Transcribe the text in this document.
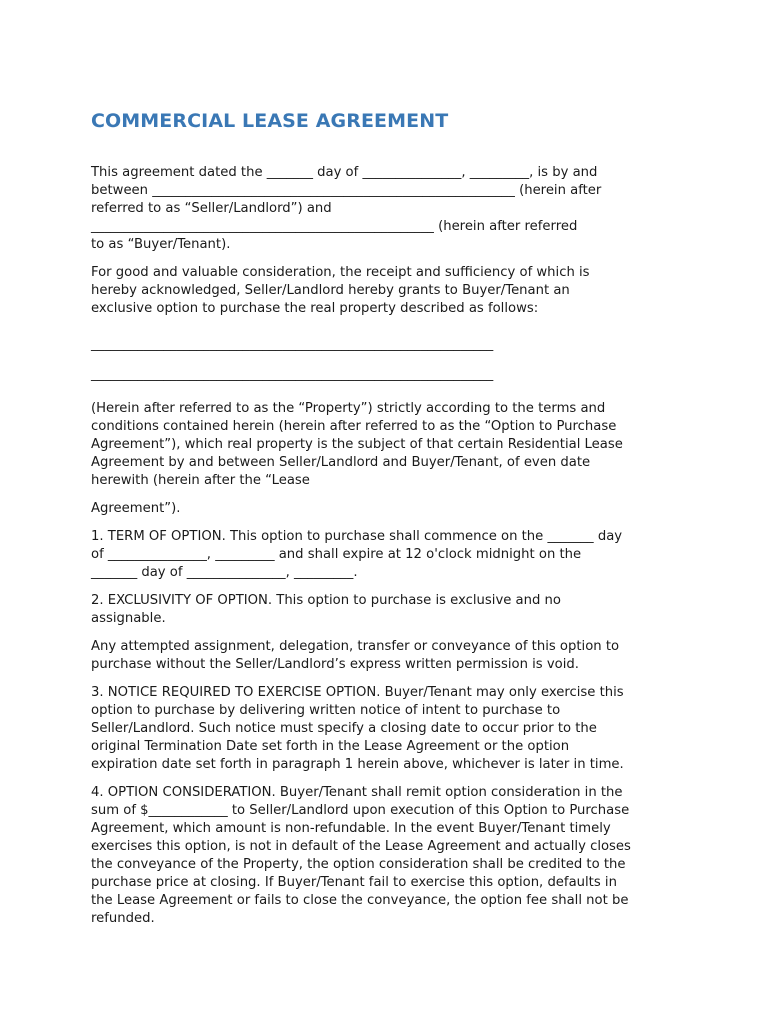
COMMERCIAL LEASE AGREEMENT
This agreement dated the _______ day of _______________, _________, is by and
between _______________________________________________________ (herein after
referred to as “Seller/Landlord”) and
____________________________________________________ (herein after referred
to as “Buyer/Tenant).
For good and valuable consideration, the receipt and sufficiency of which is
hereby acknowledged, Seller/Landlord hereby grants to Buyer/Tenant an
exclusive option to purchase the real property described as follows:
_____________________________________________________________
_____________________________________________________________
(Herein after referred to as the “Property”) strictly according to the terms and
conditions contained herein (herein after referred to as the “Option to Purchase
Agreement”), which real property is the subject of that certain Residential Lease
Agreement by and between Seller/Landlord and Buyer/Tenant, of even date
herewith (herein after the “Lease
Agreement”).
1. TERM OF OPTION. This option to purchase shall commence on the _______ day
of _______________, _________ and shall expire at 12 o'clock midnight on the
_______ day of _______________, _________.
2. EXCLUSIVITY OF OPTION. This option to purchase is exclusive and no
assignable.
Any attempted assignment, delegation, transfer or conveyance of this option to
purchase without the Seller/Landlord’s express written permission is void.
3. NOTICE REQUIRED TO EXERCISE OPTION. Buyer/Tenant may only exercise this
option to purchase by delivering written notice of intent to purchase to
Seller/Landlord. Such notice must specify a closing date to occur prior to the
original Termination Date set forth in the Lease Agreement or the option
expiration date set forth in paragraph 1 herein above, whichever is later in time.
4. OPTION CONSIDERATION. Buyer/Tenant shall remit option consideration in the
sum of $____________ to Seller/Landlord upon execution of this Option to Purchase
Agreement, which amount is non-refundable. In the event Buyer/Tenant timely
exercises this option, is not in default of the Lease Agreement and actually closes
the conveyance of the Property, the option consideration shall be credited to the
purchase price at closing. If Buyer/Tenant fail to exercise this option, defaults in
the Lease Agreement or fails to close the conveyance, the option fee shall not be
refunded.
